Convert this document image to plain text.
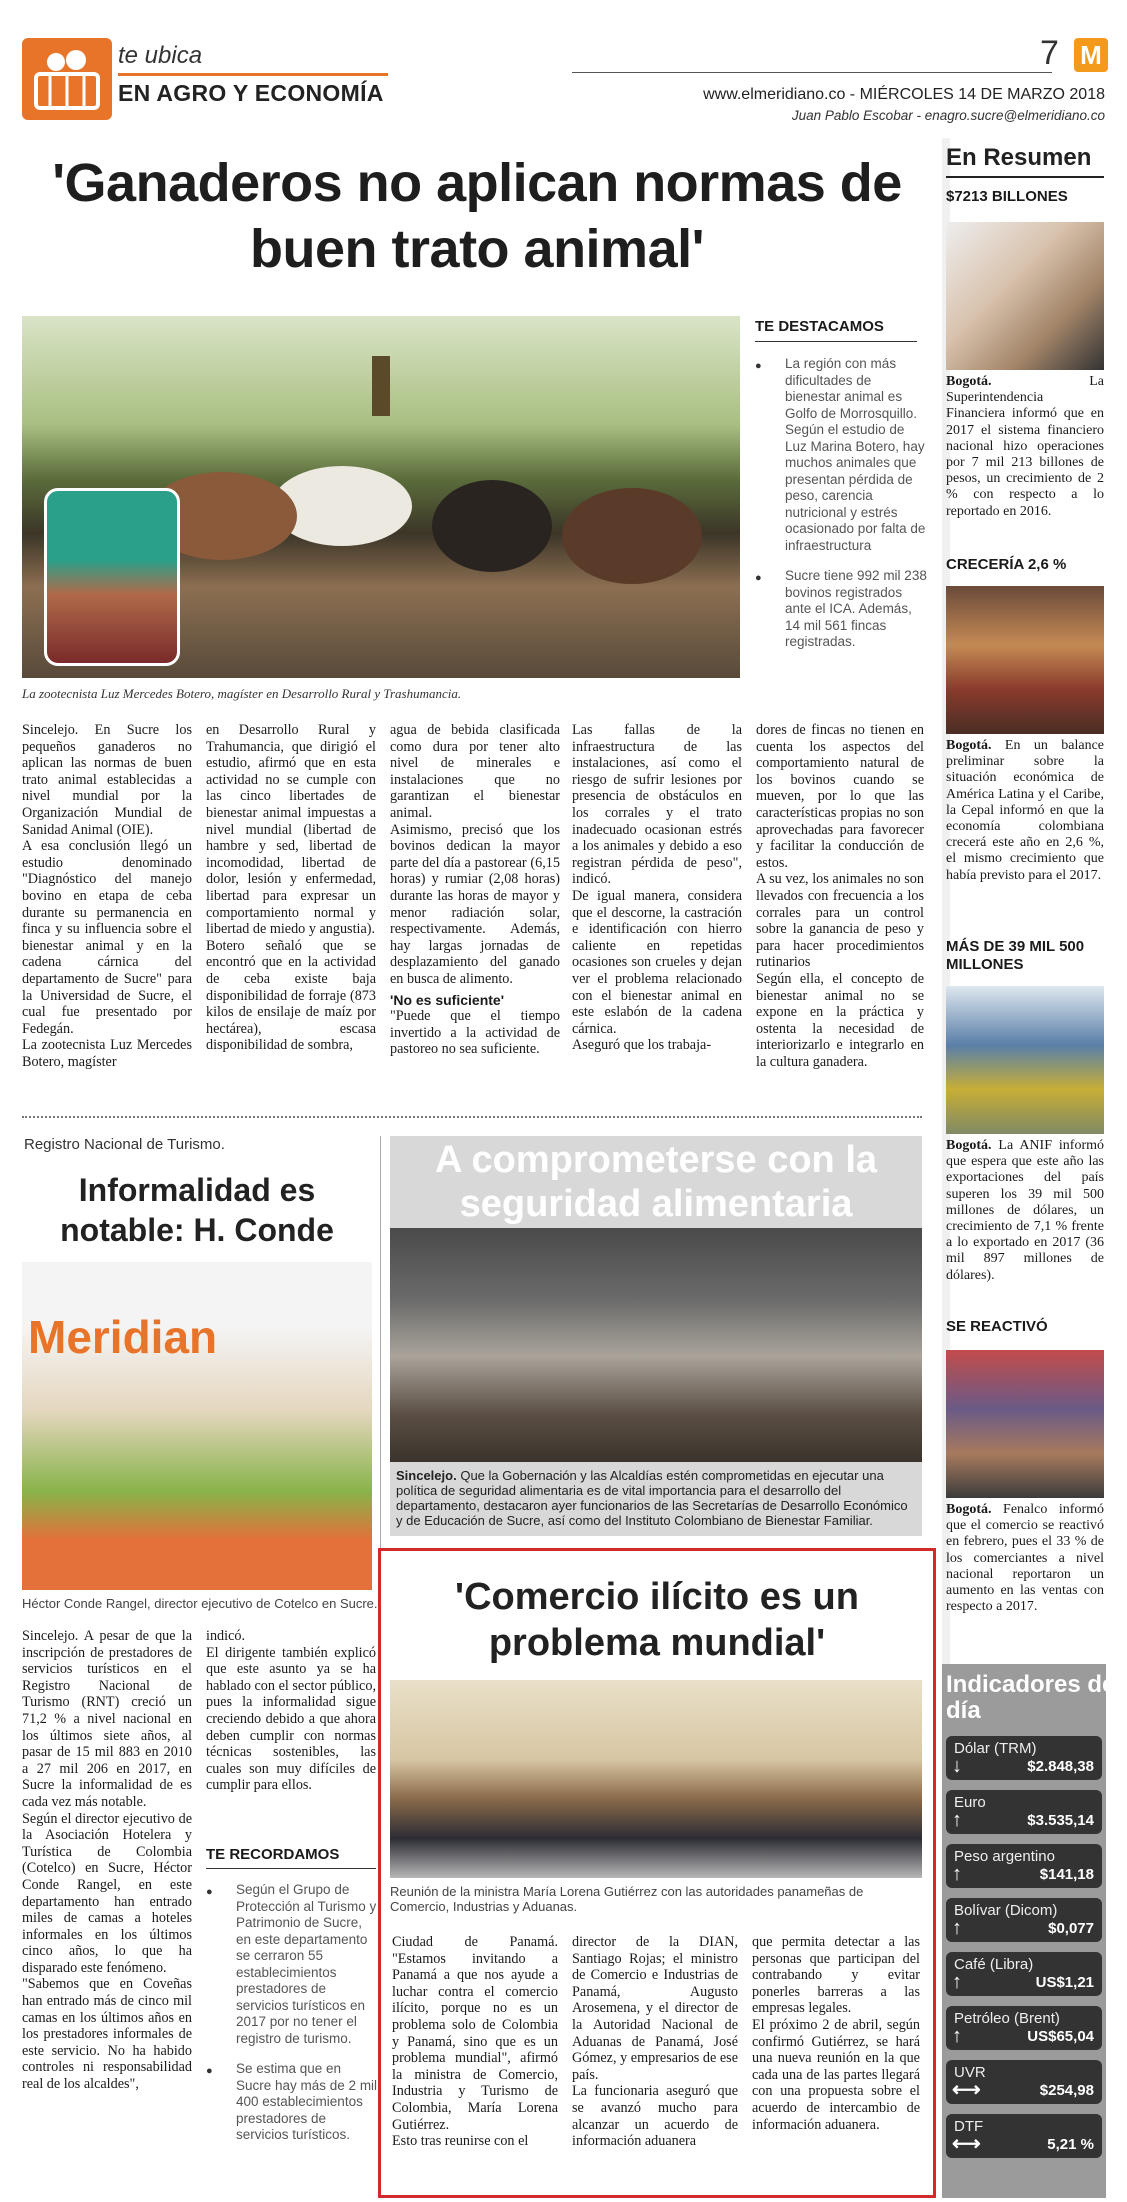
te ubica
EN AGRO Y ECONOMÍA
7 M
www.elmeridiano.co - MIÉRCOLES 14 DE MARZO 2018
Juan Pablo Escobar - enagro.sucre@elmeridiano.co
'Ganaderos no aplican normas de buen trato animal'
La zootecnista Luz Mercedes Botero, magíster en Desarrollo Rural y Trashumancia.
TE DESTACAMOS
● La región con más dificultades de bienestar animal es Golfo de Morrosquillo. Según el estudio de Luz Marina Botero, hay muchos animales que presentan pérdida de peso, carencia nutricional y estrés ocasionado por falta de infraestructura
● Sucre tiene 992 mil 238 bovinos registrados ante el ICA. Además, 14 mil 561 fincas registradas.

Sincelejo. En Sucre los pequeños ganaderos no aplican las normas de buen trato animal establecidas a nivel mundial por la Organización Mundial de Sanidad Animal (OIE).

A esa conclusión llegó un estudio denominado "Diagnóstico del manejo bovino en etapa de ceba durante su permanencia en finca y su influencia sobre el bienestar animal y en la cadena cárnica del departamento de Sucre" para la Universidad de Sucre, el cual fue presentado por Fedegán.

La zootecnista Luz Mercedes Botero, magíster

en Desarrollo Rural y Trahumancia, que dirigió el estudio, afirmó que en esta actividad no se cumple con las cinco libertades de bienestar animal impuestas a nivel mundial (libertad de hambre y sed, libertad de incomodidad, libertad de dolor, lesión y enfermedad, libertad para expresar un comportamiento normal y libertad de miedo y angustia).

Botero señaló que se encontró que en la actividad de ceba existe baja disponibilidad de forraje (873 kilos de ensilaje de maíz por hectárea), escasa disponibilidad de sombra,

agua de bebida clasificada como dura por tener alto nivel de minerales e instalaciones que no garantizan el bienestar animal.

Asimismo, precisó que los bovinos dedican la mayor parte del día a pastorear (6,15 horas) y rumiar (2,08 horas) durante las horas de mayor y menor radiación solar, respectivamente. Además, hay largas jornadas de desplazamiento del ganado en busca de alimento.

'No es suficiente'

"Puede que el tiempo invertido a la actividad de pastoreo no sea suficiente.

Las fallas de la infraestructura de las instalaciones, así como el riesgo de sufrir lesiones por presencia de obstáculos en los corrales y el trato inadecuado ocasionan estrés a los animales y debido a eso registran pérdida de peso", indicó.

De igual manera, considera que el descorne, la castración e identificación con hierro caliente en repetidas ocasiones son crueles y dejan ver el problema relacionado con el bienestar animal en este eslabón de la cadena cárnica.

Aseguró que los trabaja-

dores de fincas no tienen en cuenta los aspectos del comportamiento natural de los bovinos cuando se mueven, por lo que las características propias no son aprovechadas para favorecer y facilitar la conducción de estos.

A su vez, los animales no son llevados con frecuencia a los corrales para un control sobre la ganancia de peso y para hacer procedimientos rutinarios

Según ella, el concepto de bienestar animal no se expone en la práctica y ostenta la necesidad de interiorizarlo e integrarlo en la cultura ganadera.

Registro Nacional de Turismo.
Informalidad es notable: H. Conde
Meridian
Héctor Conde Rangel, director ejecutivo de Cotelco en Sucre.

Sincelejo. A pesar de que la inscripción de prestadores de servicios turísticos en el Registro Nacional de Turismo (RNT) creció un 71,2 % a nivel nacional en los últimos siete años, al pasar de 15 mil 883 en 2010 a 27 mil 206 en 2017, en Sucre la informalidad de es cada vez más notable.

Según el director ejecutivo de la Asociación Hotelera y Turística de Colombia (Cotelco) en Sucre, Héctor Conde Rangel, en este departamento han entrado miles de camas a hoteles informales en los últimos cinco años, lo que ha disparado este fenómeno.

"Sabemos que en Coveñas han entrado más de cinco mil camas en los últimos años en los prestadores informales de este servicio. No ha habido controles ni responsabilidad real de los alcaldes",

indicó.

El dirigente también explicó que este asunto ya se ha hablado con el sector público, pues la informalidad sigue creciendo debido a que ahora deben cumplir con normas técnicas sostenibles, las cuales son muy difíciles de cumplir para ellos.

TE RECORDAMOS
● Según el Grupo de Protección al Turismo y Patrimonio de Sucre, en este departamento se cerraron 55 establecimientos prestadores de servicios turísticos en 2017 por no tener el registro de turismo.
● Se estima que en Sucre hay más de 2 mil 400 establecimientos prestadores de servicios turísticos.
A comprometerse con la seguridad alimentaria
Sincelejo. Que la Gobernación y las Alcaldías estén comprometidas en ejecutar una política de seguridad alimentaria es de vital importancia para el desarrollo del departamento, destacaron ayer funcionarios de las Secretarías de Desarrollo Económico y de Educación de Sucre, así como del Instituto Colombiano de Bienestar Familiar.
'Comercio ilícito es un problema mundial'
Reunión de la ministra María Lorena Gutiérrez con las autoridades panameñas de Comercio, Industrias y Aduanas.

Ciudad de Panamá. "Estamos invitando a Panamá a que nos ayude a luchar contra el comercio ilícito, porque no es un problema solo de Colombia y Panamá, sino que es un problema mundial", afirmó la ministra de Comercio, Industria y Turismo de Colombia, María Lorena Gutiérrez.

Esto tras reunirse con el

director de la DIAN, Santiago Rojas; el ministro de Comercio e Industrias de Panamá, Augusto Arosemena, y el director de la Autoridad Nacional de Aduanas de Panamá, José Gómez, y empresarios de ese país.

La funcionaria aseguró que se avanzó mucho para alcanzar un acuerdo de información aduanera

que permita detectar a las personas que participan del contrabando y evitar ponerles barreras a las empresas legales.

El próximo 2 de abril, según confirmó Gutiérrez, se hará una nueva reunión en la que cada una de las partes llegará con una propuesta sobre el acuerdo de intercambio de información aduanera.

En Resumen
$7213 BILLONES
Bogotá.	La Superintendencia Financiera informó que en 2017 el sistema financiero nacional hizo operaciones por 7 mil 213 billones de pesos, un crecimiento de 2 % con respecto a lo reportado en 2016.
CRECERÍA 2,6 %
Bogotá. En un balance preliminar sobre la situación económica de América Latina y el Caribe, la Cepal informó en que la economía colombiana crecerá este año en 2,6 %, el mismo crecimiento que había previsto para el 2017.
MÁS DE 39 MIL 500 MILLONES
Bogotá. La ANIF informó que espera que este año las exportaciones del país superen los 39 mil 500 millones de dólares, un crecimiento de 7,1 % frente a lo exportado en 2017 (36 mil 897 millones de dólares).
SE REACTIVÓ
Bogotá. Fenalco informó que el comercio se reactivó en febrero, pues el 33 % de los comerciantes a nivel nacional reportaron un aumento en las ventas con respecto a 2017.
Indicadores del día
Dólar (TRM)
↓	$2.848,38
Euro
↑	$3.535,14
Peso argentino
↑	$141,18
Bolívar (Dicom)
↑	$0,077
Café (Libra)
↑	US$1,21
Petróleo (Brent)
↑	US$65,04
UVR
⟷	$254,98
DTF
⟷	5,21 %
